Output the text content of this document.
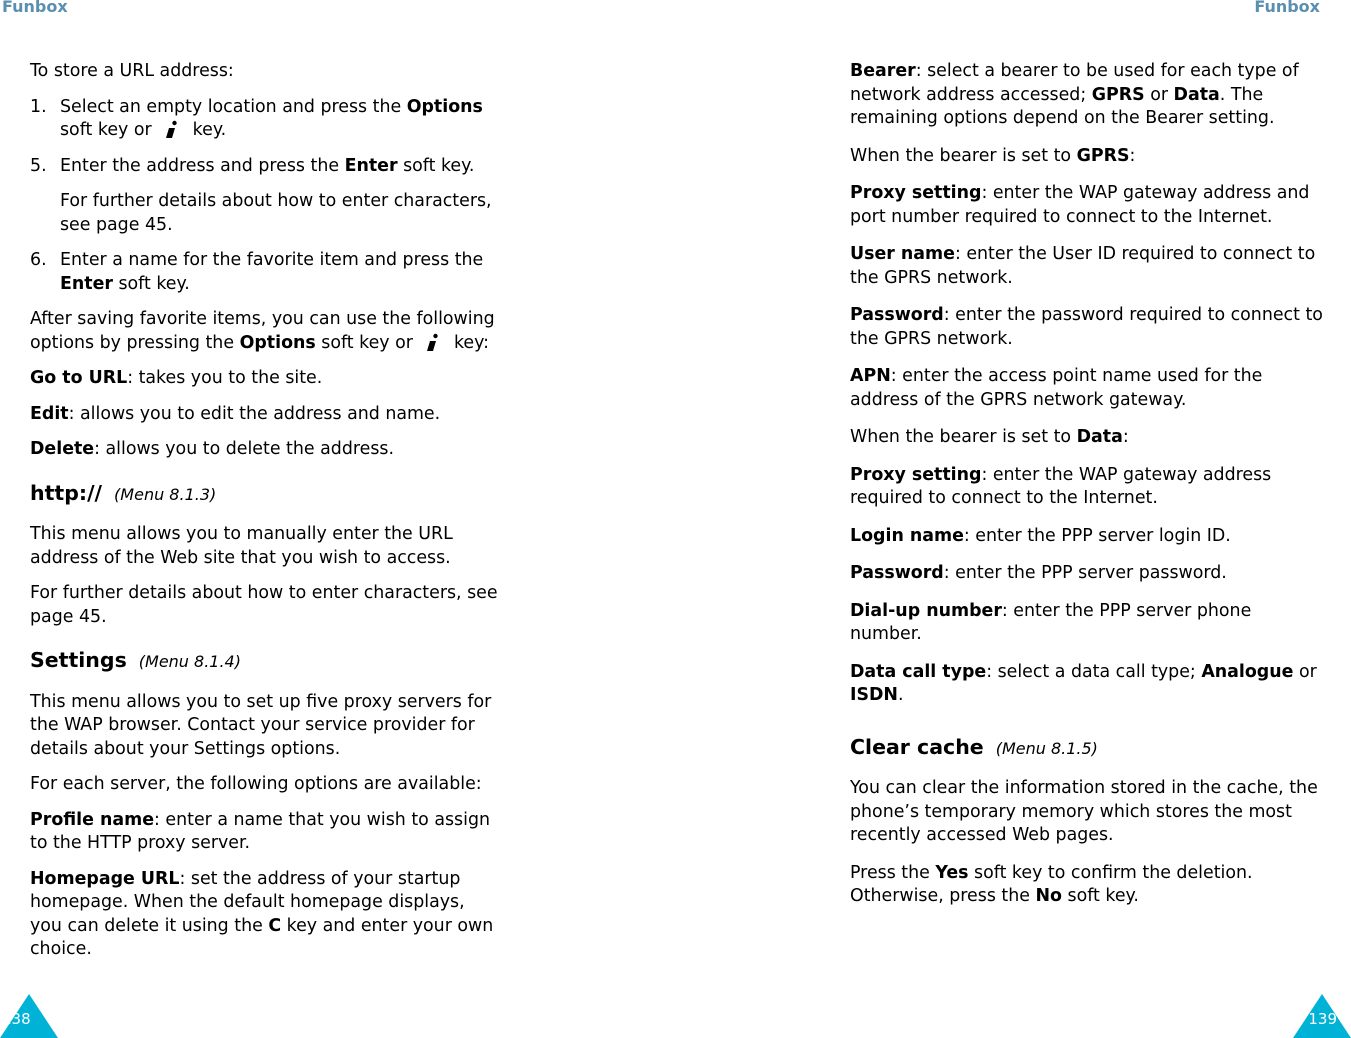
Funbox	Funbox

To store a URL address:

1. Select an empty location and press the Options soft key or  key.
5. Enter the address and press the Enter soft key.

For further details about how to enter characters, see page 45.

6. Enter a name for the favorite item and press the Enter soft key.

After saving favorite items, you can use the following options by pressing the Options soft key or  key:

Go to URL: takes you to the site.

Edit: allows you to edit the address and name.

Delete: allows you to delete the address.

http:// (Menu 8.1.3)

This menu allows you to manually enter the URL address of the Web site that you wish to access.

For further details about how to enter characters, see page 45.

Settings (Menu 8.1.4)

This menu allows you to set up five proxy servers for the WAP browser. Contact your service provider for details about your Settings options.

For each server, the following options are available:

Profile name: enter a name that you wish to assign to the HTTP proxy server.

Homepage URL: set the address of your startup homepage. When the default homepage displays, you can delete it using the C key and enter your own choice.

138

Bearer: select a bearer to be used for each type of network address accessed; GPRS or Data. The remaining options depend on the Bearer setting.

When the bearer is set to GPRS:

Proxy setting: enter the WAP gateway address and port number required to connect to the Internet.

User name: enter the User ID required to connect to the GPRS network.

Password: enter the password required to connect to the GPRS network.

APN: enter the access point name used for the address of the GPRS network gateway.

When the bearer is set to Data:

Proxy setting: enter the WAP gateway address required to connect to the Internet.

Login name: enter the PPP server login ID.

Password: enter the PPP server password.

Dial-up number: enter the PPP server phone number.

Data call type: select a data call type; Analogue or ISDN.

Clear cache (Menu 8.1.5)

You can clear the information stored in the cache, the phone’s temporary memory which stores the most recently accessed Web pages.

Press the Yes soft key to confirm the deletion. Otherwise, press the No soft key.

139
